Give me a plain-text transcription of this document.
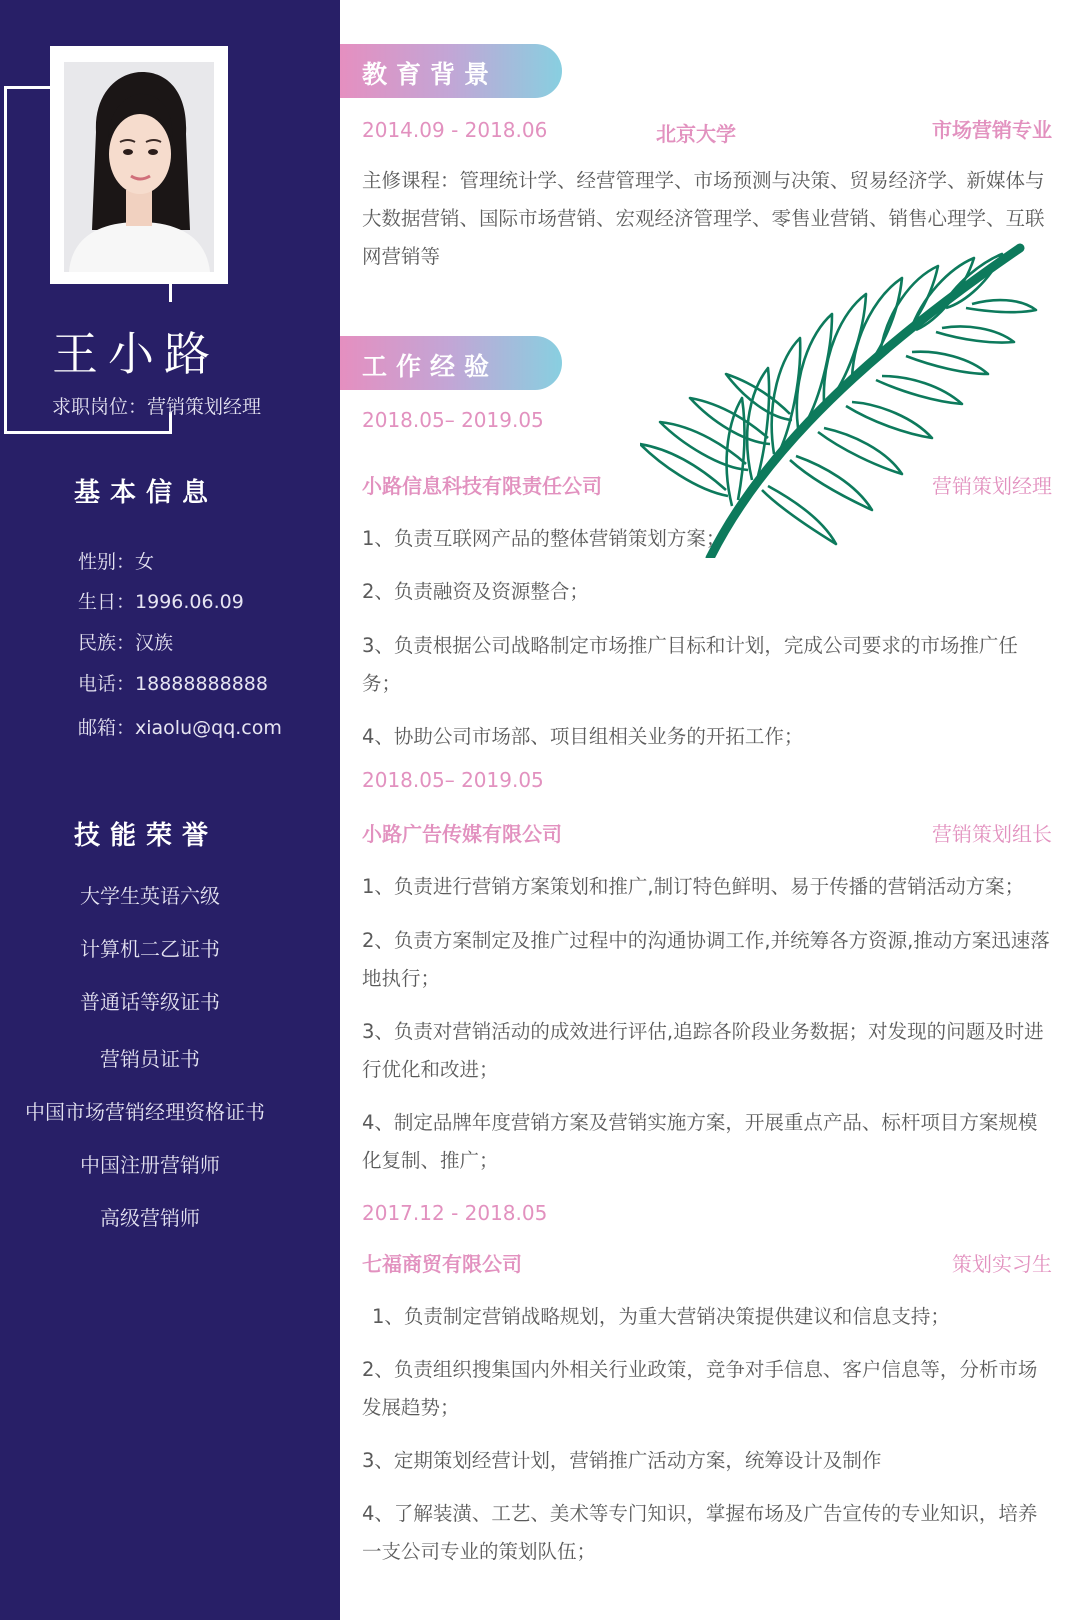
王小路
求职岗位：营销策划经理
基本信息
性别：女
生日：1996.06.09
民族：汉族
电话：18888888888
邮箱：xiaolu@qq.com
技能荣誉
大学生英语六级
计算机二乙证书
普通话等级证书
营销员证书
中国市场营销经理资格证书
中国注册营销师
高级营销师
教育背景
2014.09 - 2018.06	北京大学	市场营销专业
主修课程：管理统计学、经营管理学、市场预测与决策、贸易经济学、新媒体与大数据营销、国际市场营销、宏观经济管理学、零售业营销、销售心理学、互联网营销等
工作经验
2018.05– 2019.05
小路信息科技有限责任公司	营销策划经理
1、负责互联网产品的整体营销策划方案；
2、负责融资及资源整合；
3、负责根据公司战略制定市场推广目标和计划，完成公司要求的市场推广任务；
4、协助公司市场部、项目组相关业务的开拓工作；
2018.05– 2019.05
小路广告传媒有限公司	营销策划组长
1、负责进行营销方案策划和推广,制订特色鲜明、易于传播的营销活动方案；
2、负责方案制定及推广过程中的沟通协调工作,并统筹各方资源,推动方案迅速落地执行；
3、负责对营销活动的成效进行评估,追踪各阶段业务数据；对发现的问题及时进行优化和改进；
4、制定品牌年度营销方案及营销实施方案，开展重点产品、标杆项目方案规模化复制、推广；
2017.12 - 2018.05
七福商贸有限公司	策划实习生
1、负责制定营销战略规划，为重大营销决策提供建议和信息支持；
2、负责组织搜集国内外相关行业政策，竞争对手信息、客户信息等，分析市场发展趋势；
3、定期策划经营计划，营销推广活动方案，统筹设计及制作
4、了解装潢、工艺、美术等专门知识，掌握布场及广告宣传的专业知识，培养一支公司专业的策划队伍；
